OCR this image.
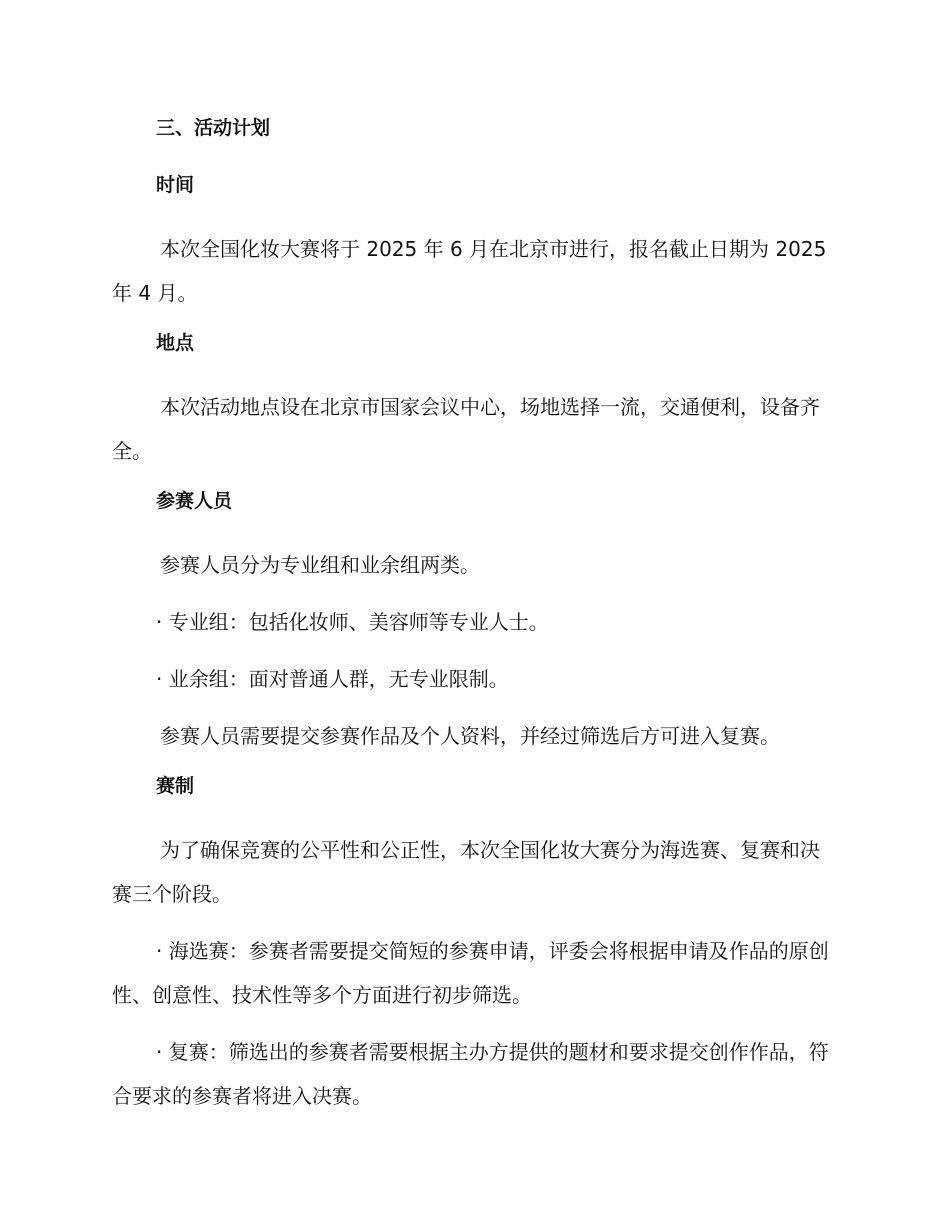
三、活动计划
时间
本次全国化妆大赛将于 2025 年 6 月在北京市进行，报名截止日期为 2025 年 4 月。
地点
本次活动地点设在北京市国家会议中心，场地选择一流，交通便利，设备齐全。
参赛人员
参赛人员分为专业组和业余组两类。
· 专业组：包括化妆师、美容师等专业人士。
· 业余组：面对普通人群，无专业限制。
参赛人员需要提交参赛作品及个人资料，并经过筛选后方可进入复赛。
赛制
为了确保竞赛的公平性和公正性，本次全国化妆大赛分为海选赛、复赛和决赛三个阶段。
· 海选赛：参赛者需要提交简短的参赛申请，评委会将根据申请及作品的原创性、创意性、技术性等多个方面进行初步筛选。
· 复赛：筛选出的参赛者需要根据主办方提供的题材和要求提交创作作品，符合要求的参赛者将进入决赛。
